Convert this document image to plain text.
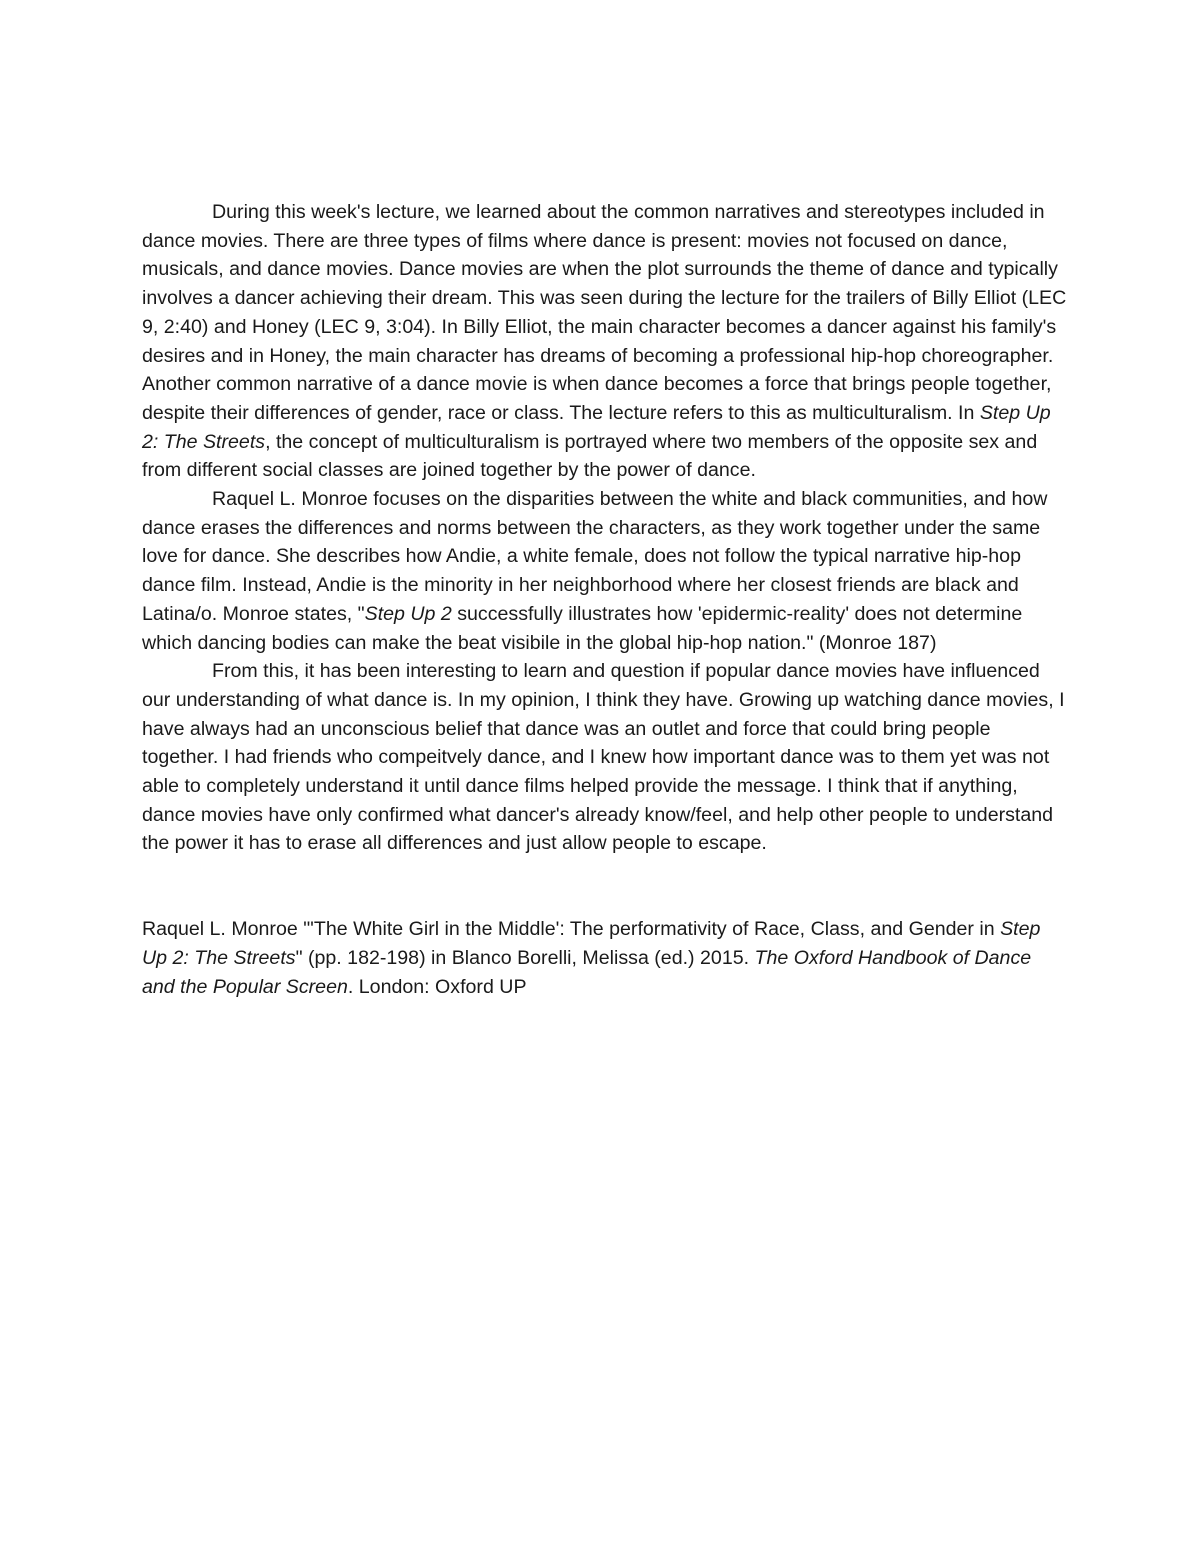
During this week's lecture, we learned about the common narratives and stereotypes included in dance movies. There are three types of films where dance is present: movies not focused on dance, musicals, and dance movies. Dance movies are when the plot surrounds the theme of dance and typically involves a dancer achieving their dream. This was seen during the lecture for the trailers of Billy Elliot (LEC 9, 2:40) and Honey (LEC 9, 3:04). In Billy Elliot, the main character becomes a dancer against his family's desires and in Honey, the main character has dreams of becoming a professional hip-hop choreographer. Another common narrative of a dance movie is when dance becomes a force that brings people together, despite their differences of gender, race or class. The lecture refers to this as multiculturalism. In Step Up 2: The Streets, the concept of multiculturalism is portrayed where two members of the opposite sex and from different social classes are joined together by the power of dance.

Raquel L. Monroe focuses on the disparities between the white and black communities, and how dance erases the differences and norms between the characters, as they work together under the same love for dance. She describes how Andie, a white female, does not follow the typical narrative hip-hop dance film. Instead, Andie is the minority in her neighborhood where her closest friends are black and Latina/o. Monroe states, "Step Up 2 successfully illustrates how 'epidermic-reality' does not determine which dancing bodies can make the beat visibile in the global hip-hop nation." (Monroe 187)

From this, it has been interesting to learn and question if popular dance movies have influenced our understanding of what dance is. In my opinion, I think they have. Growing up watching dance movies, I have always had an unconscious belief that dance was an outlet and force that could bring people together. I had friends who compeitvely dance, and I knew how important dance was to them yet was not able to completely understand it until dance films helped provide the message. I think that if anything, dance movies have only confirmed what dancer's already know/feel, and help other people to understand the power it has to erase all differences and just allow people to escape.

Raquel L. Monroe "'The White Girl in the Middle': The performativity of Race, Class, and Gender in Step Up 2: The Streets" (pp. 182-198) in Blanco Borelli, Melissa (ed.) 2015. The Oxford Handbook of Dance and the Popular Screen. London: Oxford UP
